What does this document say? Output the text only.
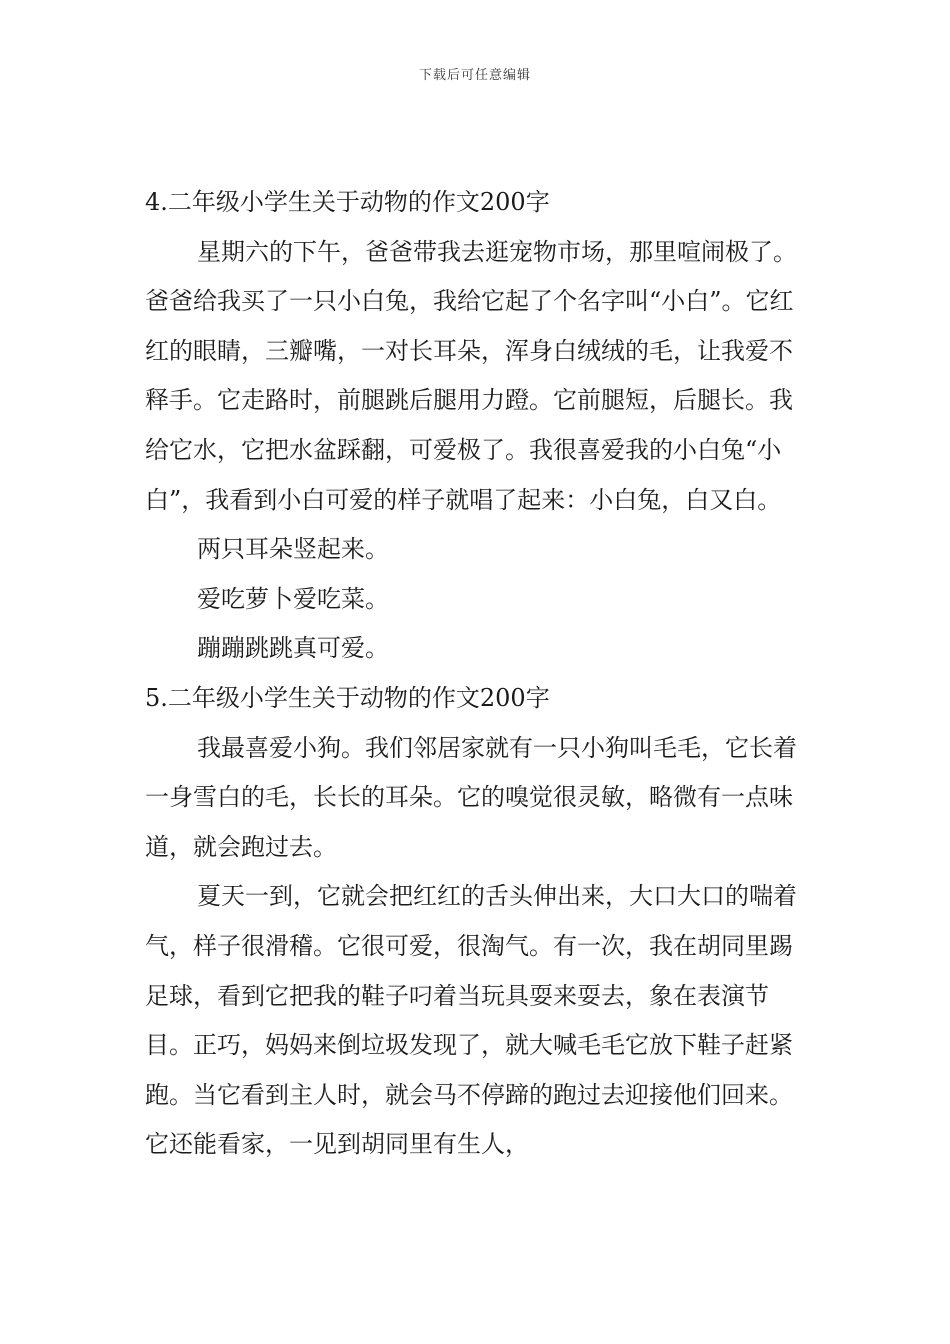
下载后可任意编辑

4.二年级小学生关于动物的作文200字

星期六的下午，爸爸带我去逛宠物市场，那里喧闹极了。爸爸给我买了一只小白兔，我给它起了个名字叫“小白”。它红红的眼睛，三瓣嘴，一对长耳朵，浑身白绒绒的毛，让我爱不释手。它走路时，前腿跳后腿用力蹬。它前腿短，后腿长。我给它水，它把水盆踩翻，可爱极了。我很喜爱我的小白兔“小白”，我看到小白可爱的样子就唱了起来：小白兔，白又白。

两只耳朵竖起来。

爱吃萝卜爱吃菜。

蹦蹦跳跳真可爱。

5.二年级小学生关于动物的作文200字

我最喜爱小狗。我们邻居家就有一只小狗叫毛毛，它长着一身雪白的毛，长长的耳朵。它的嗅觉很灵敏，略微有一点味道，就会跑过去。

夏天一到，它就会把红红的舌头伸出来，大口大口的喘着气，样子很滑稽。它很可爱，很淘气。有一次，我在胡同里踢足球，看到它把我的鞋子叼着当玩具耍来耍去，象在表演节目。正巧，妈妈来倒垃圾发现了，就大喊毛毛它放下鞋子赶紧跑。当它看到主人时，就会马不停蹄的跑过去迎接他们回来。它还能看家，一见到胡同里有生人，
